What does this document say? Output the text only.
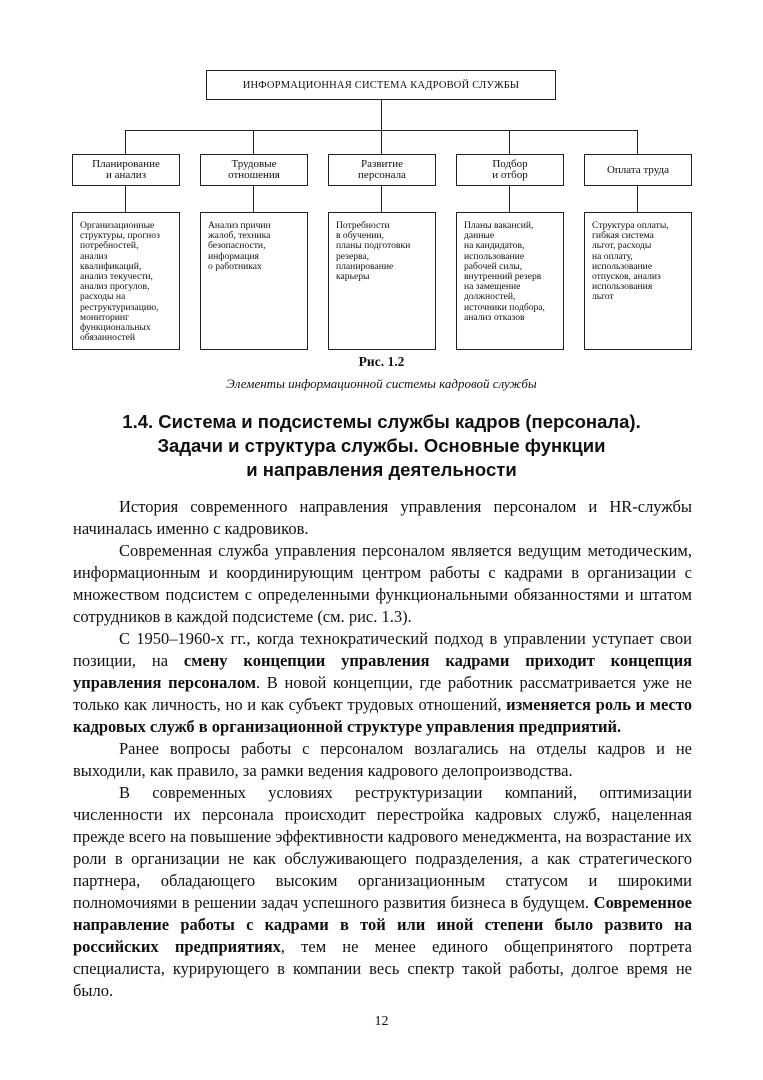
ИНФОРМАЦИОННАЯ СИСТЕМА КАДРОВОЙ СЛУЖБЫ
Планирование
и анализ
Трудовые
отношения
Развитие
персонала
Подбор
и отбор	Оплата труда
Организационные
структуры, прогноз
потребностей,
анализ
квалификаций,
анализ текучести,
анализ прогулов,
расходы на
реструктуризацию,
мониторинг
функциональных
обязанностей
Анализ причин
жалоб, техника
безопасности,
информация
о работниках
Потребности
в обучении,
планы подготовки
резерва,
планирование
карьеры
Планы вакансий,
данные
на кандидатов,
использование
рабочей силы,
внутренний резерв
на замещение
должностей,
источники подбора,
анализ отказов
Структура оплаты,
гибкая система
льгот, расходы
на оплату,
использование
отпусков, анализ
использования
льгот
Рис. 1.2
Элементы информационной системы кадровой службы
1.4. Система и подсистемы службы кадров (персонала).
Задачи и структура службы. Основные функции
и направления деятельности

История современного направления управления персоналом и HR-службы начиналась именно с кадровиков.

Современная служба управления персоналом является ведущим методическим, информационным и координирующим центром работы с кадрами в организации с множеством подсистем с определенными функциональными обязанностями и штатом сотрудников в каждой подсистеме (см. рис. 1.3).

С 1950–1960-х гг., когда технократический подход в управлении уступает свои позиции, на смену концепции управления кадрами приходит концепция управления персоналом. В новой концепции, где работник рассматривается уже не только как личность, но и как субъект трудовых отношений, изменяется роль и место кадровых служб в организационной структуре управления предприятий.

Ранее вопросы работы с персоналом возлагались на отделы кадров и не выходили, как правило, за рамки ведения кадрового делопроизводства.

В современных условиях реструктуризации компаний, оптимизации численности их персонала происходит перестройка кадровых служб, нацеленная прежде всего на повышение эффективности кадрового менеджмента, на возрастание их роли в организации не как обслуживающего подразделения, а как стратегического партнера, обладающего высоким организационным статусом и широкими полномочиями в решении задач успешного развития бизнеса в будущем. Современное направление работы с кадрами в той или иной степени было развито на российских предприятиях, тем не менее единого общепринятого портрета специалиста, курирующего в компании весь спектр такой работы, долгое время не было.

12
